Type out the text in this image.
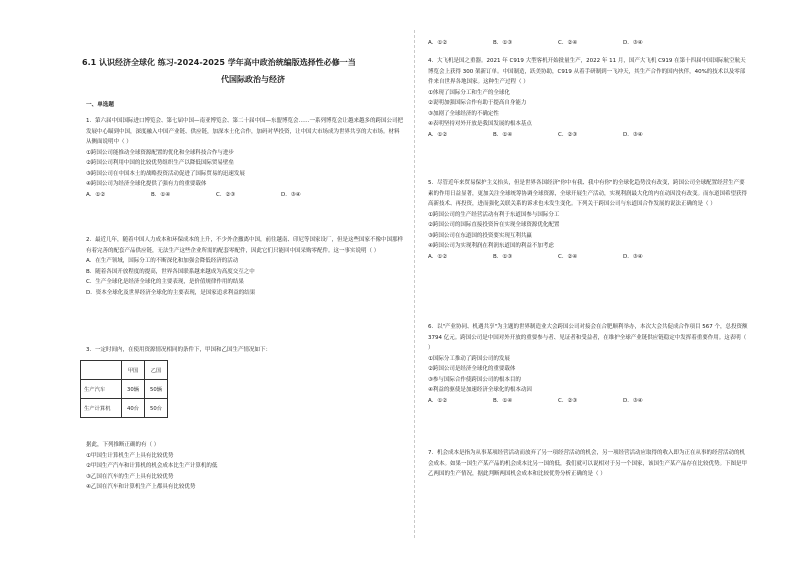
6.1 认识经济全球化 练习-2024-2025 学年高中政治统编版选择性必修一当
代国际政治与经济
一、单选题

1．第六届中国国际进口博览会、第七届中国—南亚博览会、第二十届中国—东盟博览会……一系列博览会让越来越多的跨国公司把发展中心瞄到中国，深度融入中国产业链、供应链，加深本土化合作，加码对华投资，让中国大市场成为世界共享的大市场。材料从侧面说明中（ ）

①跨国公司能推动全球资源配置的优化和全球科技合作与进步
②跨国公司利用中国的比较优势组织生产以降低国际贸易壁垒
③跨国公司在中国本土的战略投资活动促进了国际贸易的迅速发展
④跨国公司为经济全球化提供了强有力的重要载体
A．①②	B．①④	C．②③	D．③④

2．最近几年，随着中国人力成本和环保成本的上升，不少外企撤离中国，前往越南、印尼等国家设厂，但是这些国家不像中国那样有着完善的配套产品供应链，无法生产这些企业所需的配套零配件，因此它们只能回中国采购零配件。这一事实说明（ ）

A．在生产领域，国际分工的不断深化和加强会降低经济的活动
B．随着各国开放程度的提高，世界各国联系越来越成为高度交互之中
C．生产全球化是经济全球化的主要表现，是价值规律作用的结果
D．资本全球化及世界经济全球化的主要表现，是国家追求利益的结果
3．一定时间内，在使用资源情况相同的条件下，甲国和乙国生产情况如下：
	甲国	乙国
生产汽车	30辆	50辆
生产计算机	40台	50台

据此，下列推断正确的有（ ）

①甲国生计算机生产上具有比较优势
②甲国生产汽车和计算机的机会成本比生产计算机的低
③乙国在汽车的生产上具有比较优势
④乙国在汽车和计算机生产上都具有比较优势
A．①②	B．①③	C．②④	D．③④

4．大飞机是国之重器。2021 年 C919 大型客机开始批量生产，2022 年 11 月，国产大飞机 C919 在第十四届中国国际航空航天博览会上获得 300 架新订单。中国制造，跃美协助，C919 从着手研制到一飞冲天，其生产合作的国内伙伴，40%的技术以及零部件来自世界各地国家。这种生产过程（ ）

①体现了国际分工和生产的全球化
②说明加强国际合作有助于提高自身能力
③加剧了全球经济的不确定性
④表明坚持对外开放是我国发展的根本基点
A．①②	B．①④	C．②③	D．③④

5．尽管近年来贸易保护主义抬头，但是世界各国经济"你中有我、我中有你"的全球化趋势没有改变，跨国公司全球配置经营生产要素的作用日益显著，更加关注全球统筹协调全球资源，全球开展生产活动，实现利润最大化的内在动因没有改变。而东道国希望获得高新技术、再投资，进而强化关联关系的诉求也未发生变化。下列关于跨国公司与东道国合作发展的说法正确的是（ ）

①跨国公司的生产经营活动有利于东道国参与国际分工
②跨国公司的国际直接投资旨在实现全球资源优化配置
③跨国公司在东道国的投资要实现互利共赢
④跨国公司为实现利润在利润东道国的利益不加考虑
A．①②	B．①③	C．②④	D．③④

6．以"产业协同、机遇共享"为主题的世界制造业大会跨国公司对接会在合肥顺利举办，本次大会共促成合作项目 567 个，总投资额 3794 亿元。跨国公司是中国对外开放的重要参与者、见证者和受益者，在维护全球产业链供应链稳定中发挥着重要作用。这表明（ ）

①国际分工推动了跨国公司的发展
②跨国公司是经济全球化的重要载体
③参与国际合作使跨国公司的根本目的
④利益的驱使是加速经济全球化的根本动因
A．①②	B．①④	C．②③	D．③④

7．机会成本是指为从事某项经营活动而放弃了另一项经营活动的机会，另一项经营活动应取得的收入即为正在从事的经营活动的机会成本。如果一国生产某产品的机会成本比另一国的低，我们就可以说相对于另一个国家，该国生产某产品存在比较优势。下图是甲乙两国的生产情况，据此判断两国机会成本和比较优势分析正确的是（ ）
